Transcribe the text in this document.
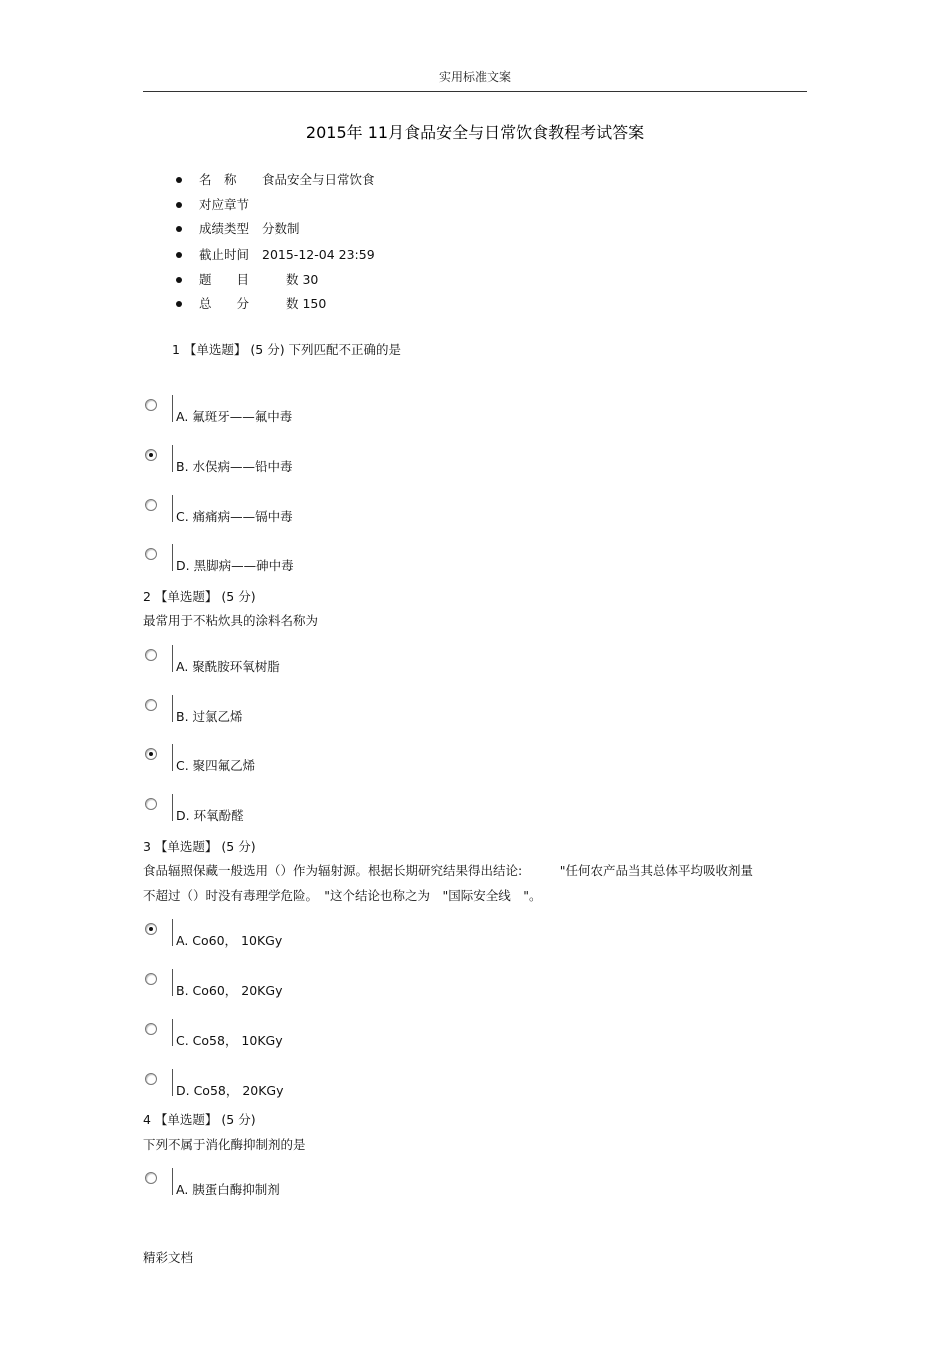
实用标准文案
2015年 11月食品安全与日常饮食教程考试答案
名　称 食品安全与日常饮食
对应章节
成绩类型 分数制
截止时间 2015-12-04 23:59
题　　目	数 30
总　　分	数 150
1 【单选题】 (5 分) 下列匹配不正确的是
A. 氟斑牙——氟中毒
B. 水俣病——铅中毒
C. 痛痛病——镉中毒
D. 黑脚病——砷中毒
2 【单选题】 (5 分)
最常用于不粘炊具的涂料名称为
A. 聚酰胺环氧树脂
B. 过氯乙烯
C. 聚四氟乙烯
D. 环氧酚醛
3 【单选题】 (5 分)
食品辐照保藏一般选用（）作为辐射源。根据长期研究结果得出结论:　　　"任何农产品当其总体平均吸收剂量
不超过（）时没有毒理学危险。　"这个结论也称之为　"国际安全线　"。
A. Co60， 10KGy
B. Co60， 20KGy
C. Co58， 10KGy
D. Co58， 20KGy
4 【单选题】 (5 分)
下列不属于消化酶抑制剂的是
A. 胰蛋白酶抑制剂
精彩文档
